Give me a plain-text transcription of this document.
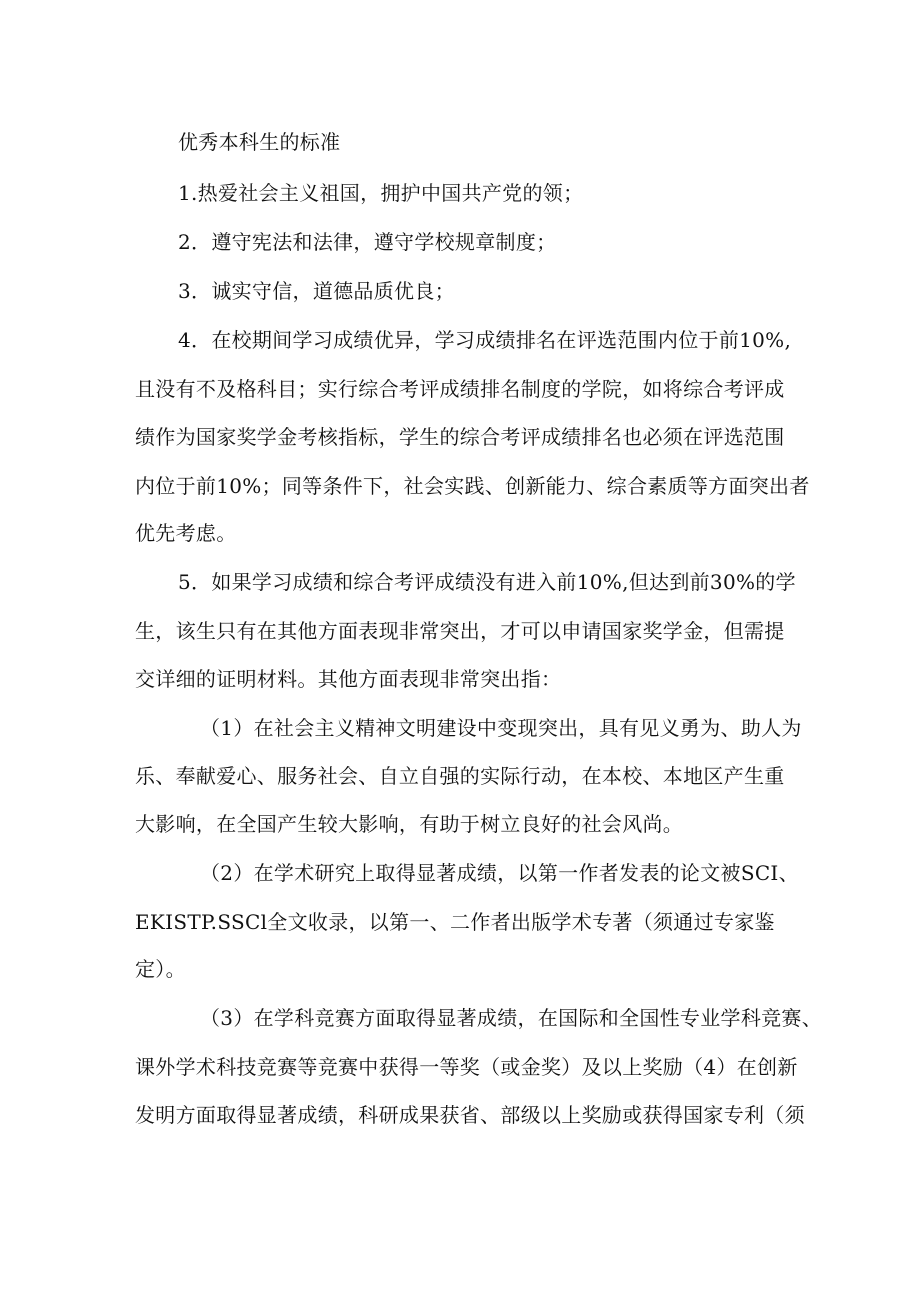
优秀本科生的标准
1.热爱社会主义祖国，拥护中国共产党的领；
2．遵守宪法和法律，遵守学校规章制度；
3．诚实守信，道德品质优良；
4．在校期间学习成绩优异，学习成绩排名在评选范围内位于前10%,
且没有不及格科目；实行综合考评成绩排名制度的学院，如将综合考评成
绩作为国家奖学金考核指标，学生的综合考评成绩排名也必须在评选范围
内位于前10%；同等条件下，社会实践、创新能力、综合素质等方面突出者
优先考虑。
5．如果学习成绩和综合考评成绩没有进入前10%,但达到前30%的学
生，该生只有在其他方面表现非常突出，才可以申请国家奖学金，但需提
交详细的证明材料。其他方面表现非常突出指：
（1）在社会主义精神文明建设中变现突出，具有见义勇为、助人为
乐、奉献爱心、服务社会、自立自强的实际行动，在本校、本地区产生重
大影响，在全国产生较大影响，有助于树立良好的社会风尚。
（2）在学术研究上取得显著成绩，以第一作者发表的论文被SCI、
EKISTP.SSCl全文收录，以第一、二作者出版学术专著（须通过专家鉴
定）。
（3）在学科竞赛方面取得显著成绩，在国际和全国性专业学科竞赛、
课外学术科技竞赛等竞赛中获得一等奖（或金奖）及以上奖励（4）在创新
发明方面取得显著成绩，科研成果获省、部级以上奖励或获得国家专利（须
